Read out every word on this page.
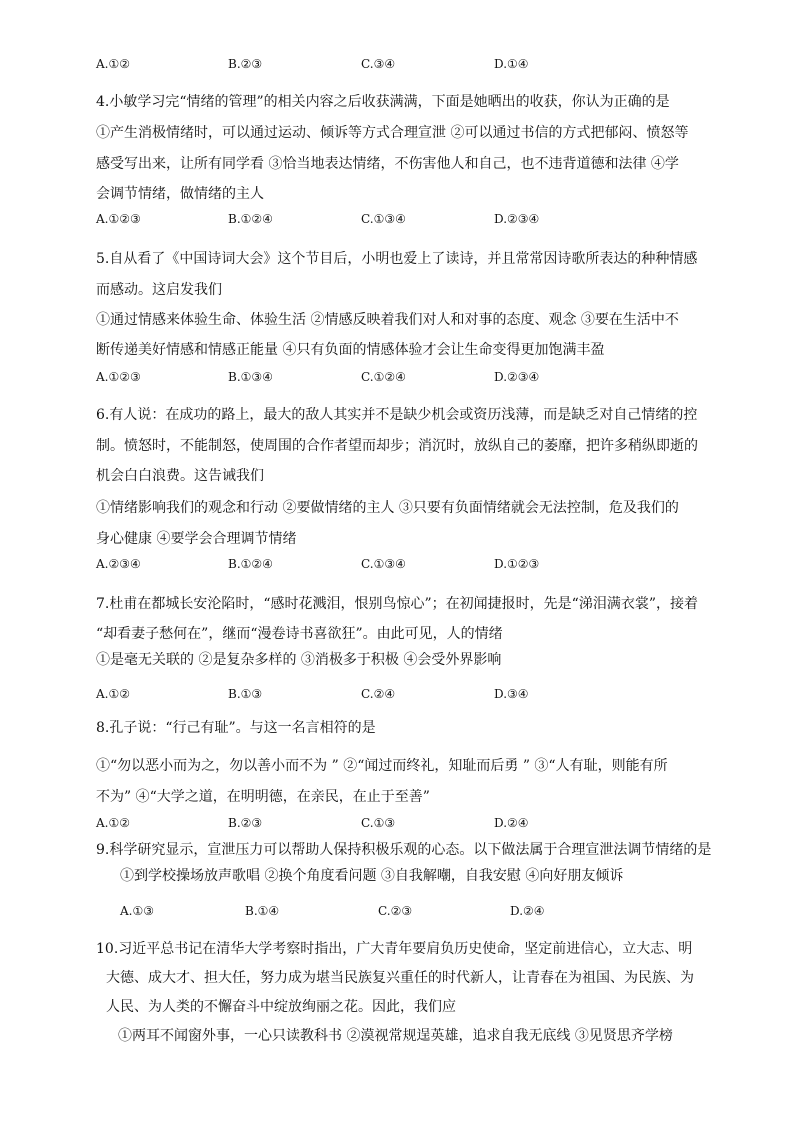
A.①②	B.②③	C.③④	D.①④
4.小敏学习完“情绪的管理”的相关内容之后收获满满，下面是她晒出的收获，你认为正确的是
①产生消极情绪时，可以通过运动、倾诉等方式合理宣泄 ②可以通过书信的方式把郁闷、愤怒等
感受写出来，让所有同学看 ③恰当地表达情绪，不伤害他人和自己，也不违背道德和法律 ④学
会调节情绪，做情绪的主人
A.①②③	B.①②④	C.①③④	D.②③④
5.自从看了《中国诗词大会》这个节目后，小明也爱上了读诗，并且常常因诗歌所表达的种种情感
而感动。这启发我们
①通过情感来体验生命、体验生活 ②情感反映着我们对人和对事的态度、观念 ③要在生活中不
断传递美好情感和情感正能量 ④只有负面的情感体验才会让生命变得更加饱满丰盈
A.①②③	B.①③④	C.①②④	D.②③④
6.有人说：在成功的路上，最大的敌人其实并不是缺少机会或资历浅薄，而是缺乏对自己情绪的控
制。愤怒时，不能制怒，使周围的合作者望而却步；消沉时，放纵自己的萎靡，把许多稍纵即逝的
机会白白浪费。这告诫我们
①情绪影响我们的观念和行动 ②要做情绪的主人 ③只要有负面情绪就会无法控制，危及我们的
身心健康 ④要学会合理调节情绪
A.②③④	B.①②④	C.①③④	D.①②③
7.杜甫在都城长安沦陷时，“感时花溅泪，恨别鸟惊心”；在初闻捷报时，先是“涕泪满衣裳”，接着
“却看妻子愁何在”，继而“漫卷诗书喜欲狂”。由此可见，人的情绪
①是毫无关联的 ②是复杂多样的 ③消极多于积极 ④会受外界影响
A.①②	B.①③	C.②④	D.③④
8.孔子说：“行己有耻”。与这一名言相符的是
①“勿以恶小而为之，勿以善小而不为 ” ②“闻过而终礼，知耻而后勇 ” ③“人有耻，则能有所
不为” ④“大学之道，在明明德，在亲民，在止于至善”
A.①②	B.②③	C.①③	D.②④
9.科学研究显示，宣泄压力可以帮助人保持积极乐观的心态。以下做法属于合理宣泄法调节情绪的是
①到学校操场放声歌唱 ②换个角度看问题 ③自我解嘲，自我安慰 ④向好朋友倾诉
A.①③	B.①④	C.②③	D.②④
10.习近平总书记在清华大学考察时指出，广大青年要肩负历史使命，坚定前进信心，立大志、明
大德、成大才、担大任，努力成为堪当民族复兴重任的时代新人，让青春在为祖国、为民族、为
人民、为人类的不懈奋斗中绽放绚丽之花。因此，我们应
①两耳不闻窗外事，一心只读教科书 ②漠视常规逞英雄，追求自我无底线 ③见贤思齐学榜
